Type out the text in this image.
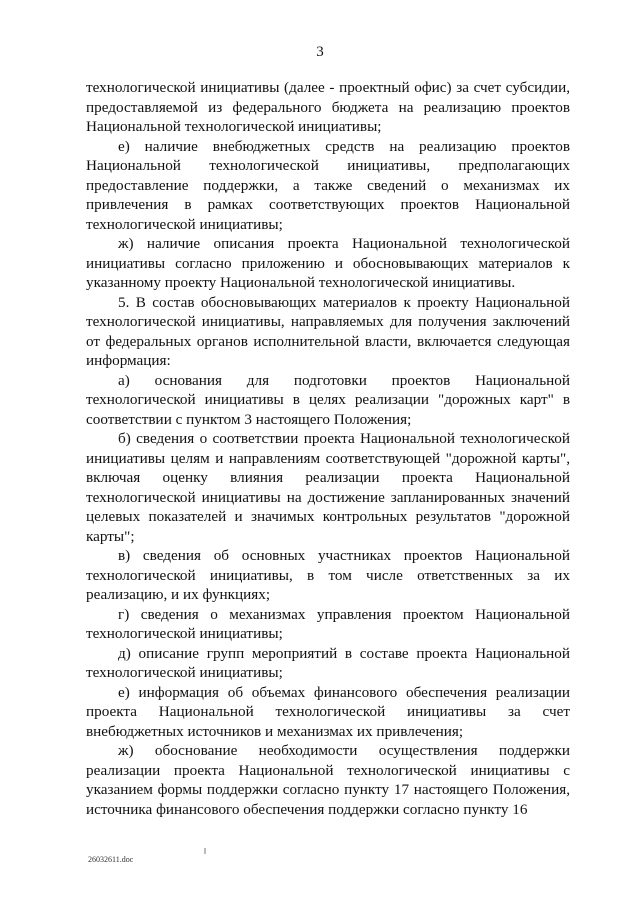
3

технологической инициативы (далее - проектный офис) за счет субсидии, предоставляемой из федерального бюджета на реализацию проектов Национальной технологической инициативы;

е) наличие внебюджетных средств на реализацию проектов Национальной технологической инициативы, предполагающих предоставление поддержки, а также сведений о механизмах их привлечения в рамках соответствующих проектов Национальной технологической инициативы;

ж) наличие описания проекта Национальной технологической инициативы согласно приложению и обосновывающих материалов к указанному проекту Национальной технологической инициативы.

5. В состав обосновывающих материалов к проекту Национальной технологической инициативы, направляемых для получения заключений от федеральных органов исполнительной власти, включается следующая информация:

а) основания для подготовки проектов Национальной технологической инициативы в целях реализации "дорожных карт" в соответствии с пунктом 3 настоящего Положения;

б) сведения о соответствии проекта Национальной технологической инициативы целям и направлениям соответствующей "дорожной карты", включая оценку влияния реализации проекта Национальной технологической инициативы на достижение запланированных значений целевых показателей и значимых контрольных результатов "дорожной карты";

в) сведения об основных участниках проектов Национальной технологической инициативы, в том числе ответственных за их реализацию, и их функциях;

г) сведения о механизмах управления проектом Национальной технологической инициативы;

д) описание групп мероприятий в составе проекта Национальной технологической инициативы;

е) информация об объемах финансового обеспечения реализации проекта Национальной технологической инициативы за счет внебюджетных источников и механизмах их привлечения;

ж) обоснование необходимости осуществления поддержки реализации проекта Национальной технологической инициативы с указанием формы поддержки согласно пункту 17 настоящего Положения, источника финансового обеспечения поддержки согласно пункту 16

26032611.doc
